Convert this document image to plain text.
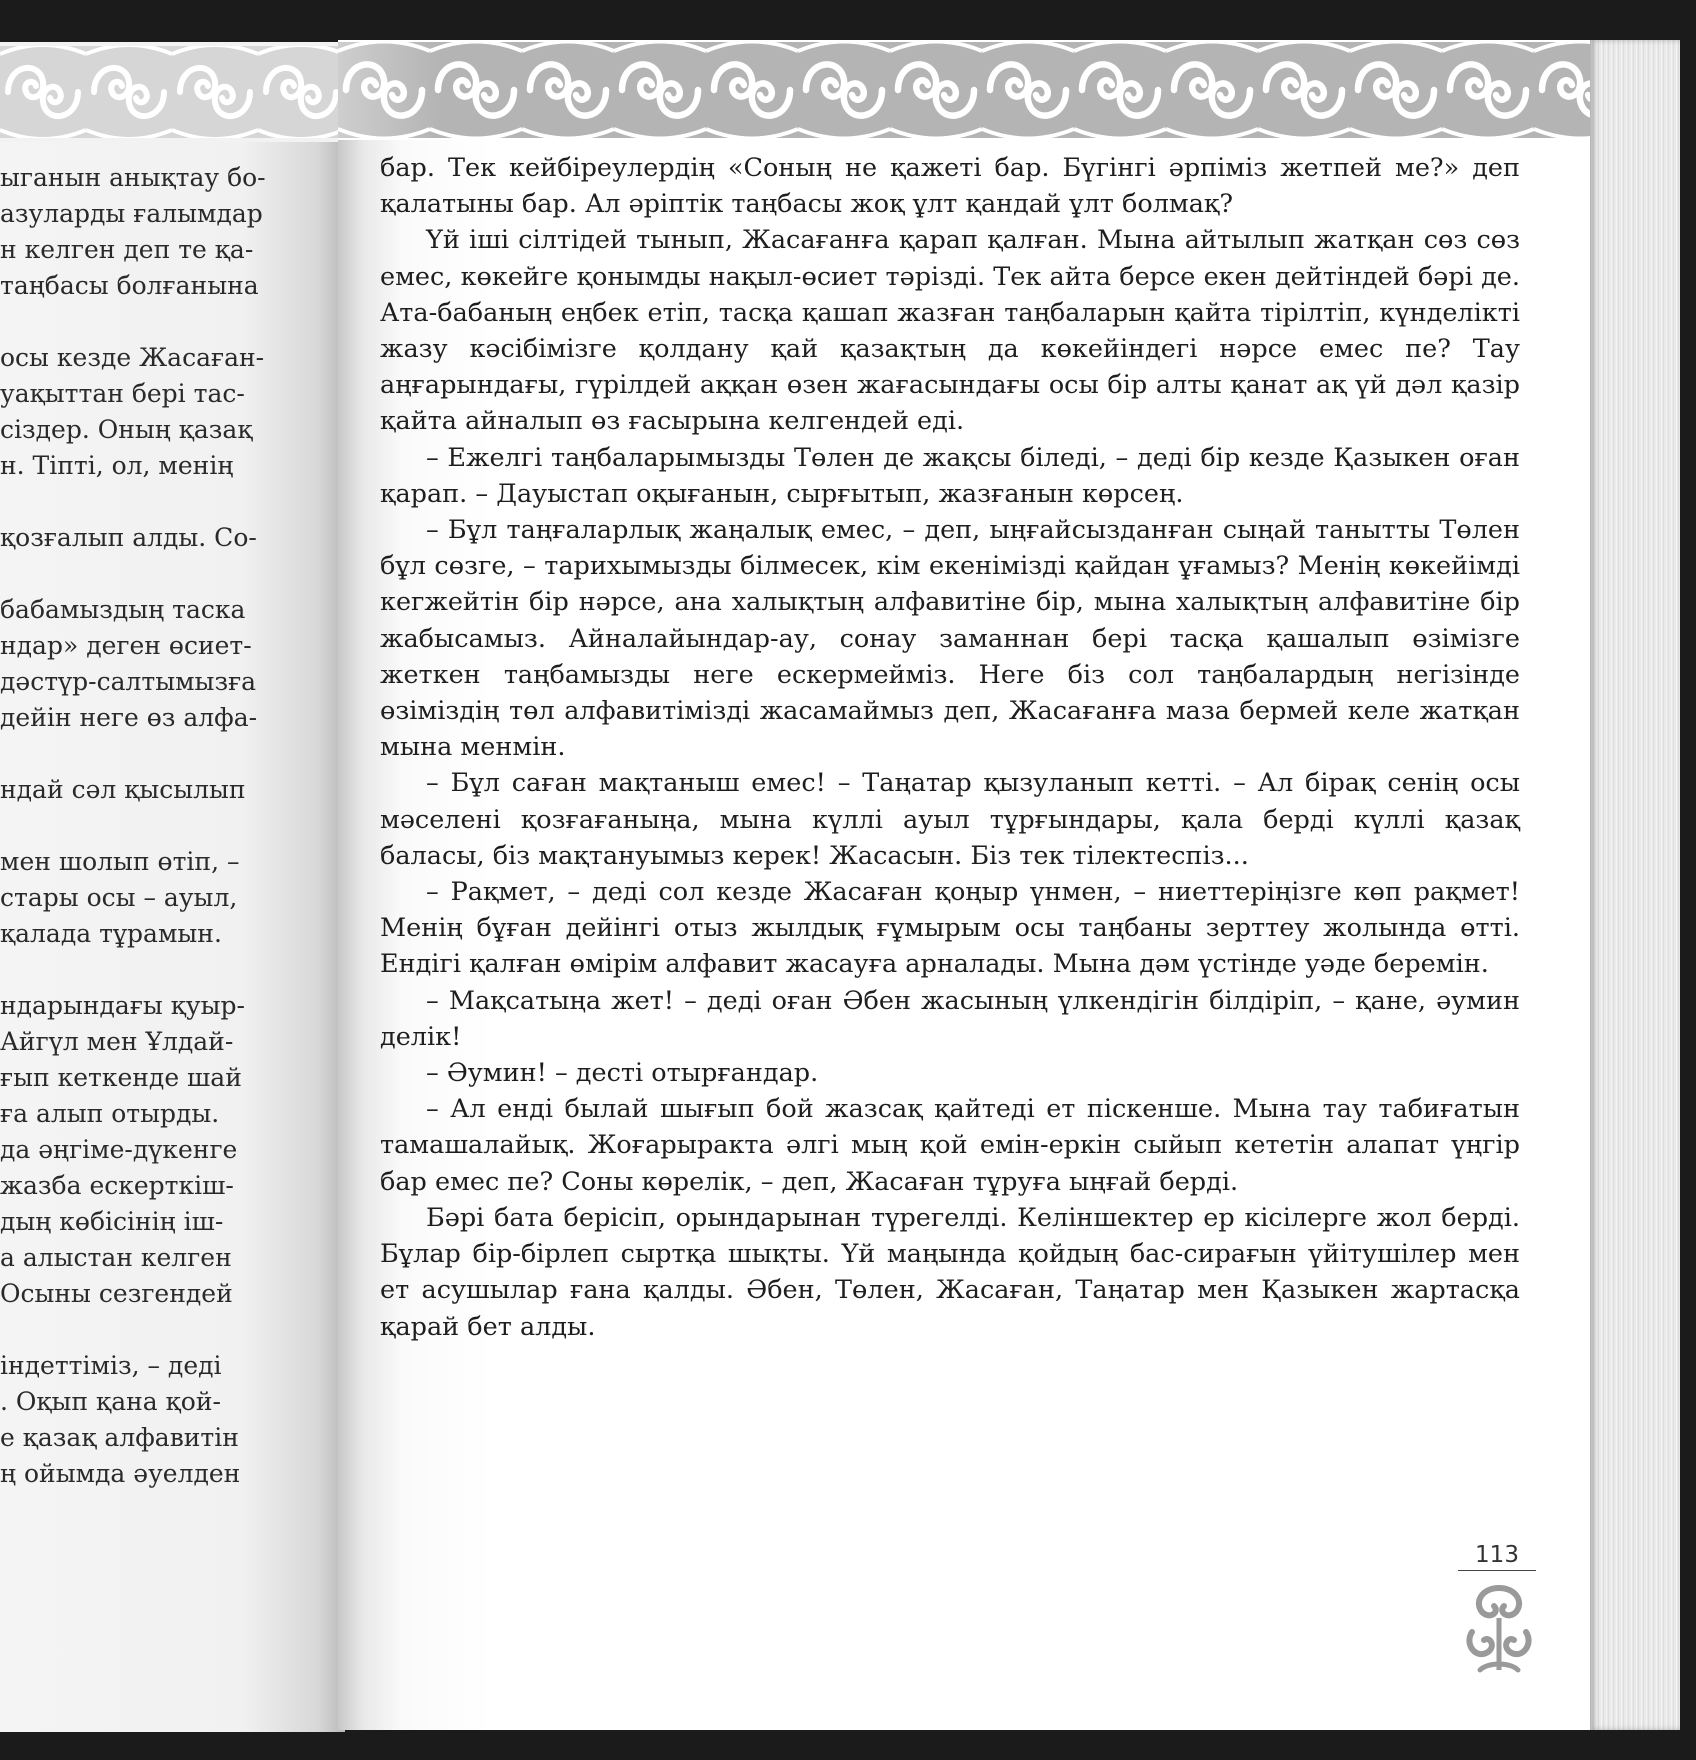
ыганын анықтау бо-
азуларды ғалымдар
н келген деп те қа-
таңбасы болғанына
осы кезде Жасаған-
уақыттан бері тас-
сіздер. Оның қазақ
н. Тіпті, ол, менің
қозғалып алды. Со-
бабамыздың таска
ндар» деген өсиет-
дәстүр-салтымызға
дейін неге өз алфа-
ндай сәл қысылып
мен шолып өтіп, –
стары осы – ауыл,
қалада тұрамын.
ндарындағы қуыр-
Айгүл мен Ұлдай-
ғып кеткенде шай
ға алып отырды.
да әңгіме-дүкенге
жазба ескерткіш-
дың көбісінің іш-
а алыстан келген
Осыны сезгендей
індеттіміз, – деді
. Оқып қана қой-
е қазақ алфавитін
ң ойымда әуелден

бар. Тек кейбіреулердің «Соның не қажеті бар. Бүгінгі әрпіміз жетпей ме?» деп қалатыны бар. Ал әріптік таңбасы жоқ ұлт қандай ұлт болмақ?

Үй іші сілтідей тынып, Жасағанға қарап қалған. Мына айтылып жатқан сөз сөз емес, көкейге қонымды нақыл-өсиет тәрізді. Тек айта берсе екен дейтіндей бәрі де. Ата-бабаның еңбек етіп, тасқа қашап жазған таңбаларын қайта тірілтіп, күнделікті жазу кәсібімізге қолдану қай қазақтың да көкейіндегі нәрсе емес пе? Тау аңғарындағы, гүрілдей аққан өзен жағасындағы осы бір алты қанат ақ үй дәл қазір қайта айналып өз ғасырына келгендей еді.

– Ежелгі таңбаларымызды Төлен де жақсы біледі, – деді бір кезде Қазыкен оған қарап. – Дауыстап оқығанын, сырғытып, жазғанын көрсең.

– Бұл таңғаларлық жаңалық емес, – деп, ыңғайсызданған сыңай танытты Төлен бұл сөзге, – тарихымызды білмесек, кім екенімізді қайдан ұғамыз? Менің көкейімді кегжейтін бір нәрсе, ана халықтың алфавитіне бір, мына халықтың алфавитіне бір жабысамыз. Айналайындар-ау, сонау заманнан бері тасқа қашалып өзімізге жеткен таңбамызды неге ескермейміз. Неге біз сол таңбалардың негізінде өзіміздің төл алфавитімізді жасамаймыз деп, Жасағанға маза бермей келе жатқан мына менмін.

– Бұл саған мақтаныш емес! – Таңатар қызуланып кетті. – Ал бірақ сенің осы мәселені қозғағаныңа, мына күллі ауыл тұрғындары, қала берді күллі қазақ баласы, біз мақтануымыз керек! Жасасын. Біз тек тілектеспіз...

– Рақмет, – деді сол кезде Жасаған қоңыр үнмен, – ниеттеріңізге көп рақмет! Менің бұған дейінгі отыз жылдық ғұмырым осы таңбаны зерттеу жолында өтті. Ендігі қалған өмірім алфавит жасауға арналады. Мына дәм үстінде уәде беремін.

– Мақсатыңа жет! – деді оған Әбен жасының үлкендігін білдіріп, – қане, әумин делік!

– Әумин! – десті отырғандар.

– Ал енді былай шығып бой жазсақ қайтеді ет піскенше. Мына тау табиғатын тамашалайық. Жоғарыракта әлгі мың қой емін-еркін сыйып кететін алапат үңгір бар емес пе? Соны көрелік, – деп, Жасаған тұруға ыңғай берді.

Бәрі бата берісіп, орындарынан түрегелді. Келіншектер ер кісілерге жол берді. Бұлар бір-бірлеп сыртқа шықты. Үй маңында қойдың бас-сирағын үйітушілер мен ет асушылар ғана қалды. Әбен, Төлен, Жасаған, Таңатар мен Қазыкен жартасқа қарай бет алды.

113
